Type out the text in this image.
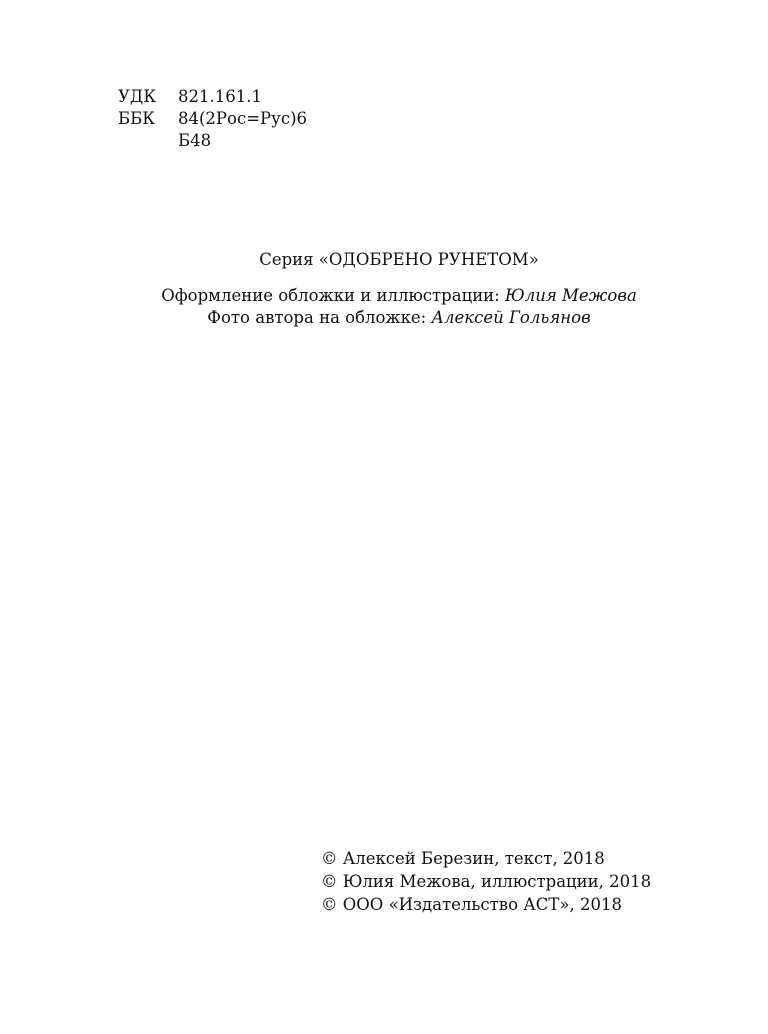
УДК	821.161.1
ББК	84(2Рос=Рус)6
Б48
Серия «ОДОБРЕНО РУНЕТОМ»
Оформление обложки и иллюстрации: Юлия Межова
Фото автора на обложке: Алексей Гольянов
© Алексей Березин, текст, 2018
© Юлия Межова, иллюстрации, 2018
© ООО «Издательство АСТ», 2018
